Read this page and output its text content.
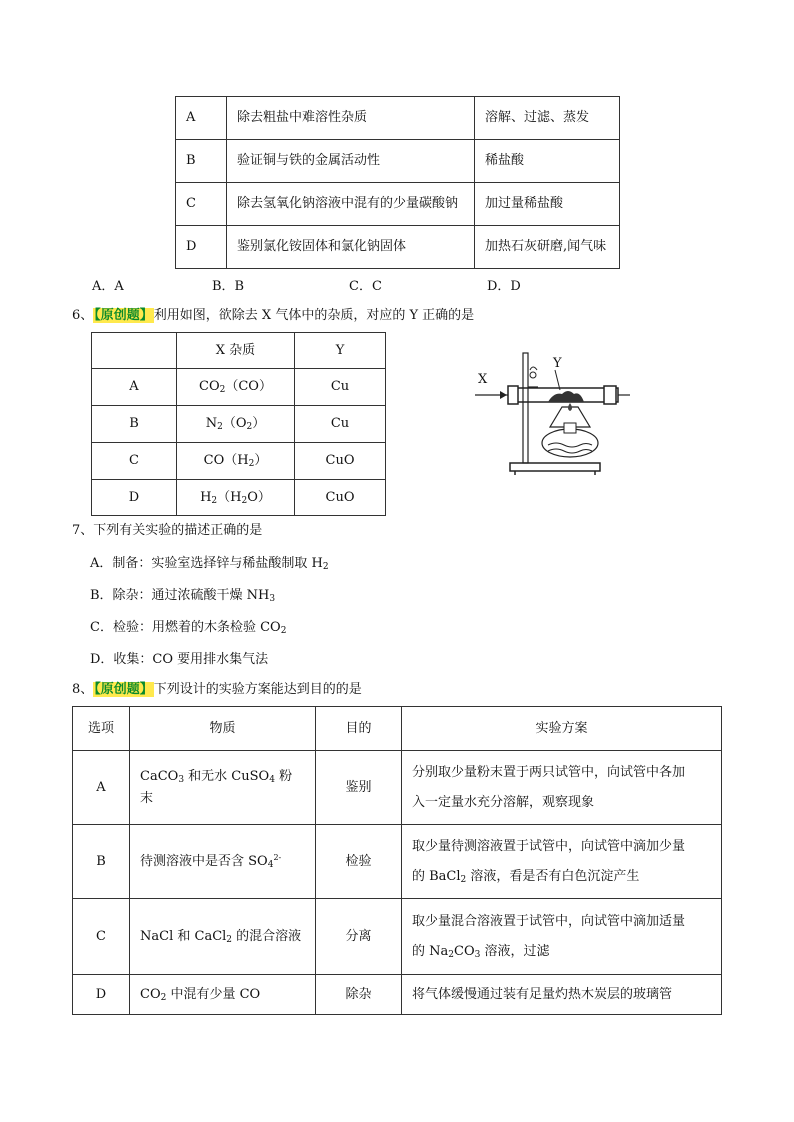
A	除去粗盐中难溶性杂质	溶解、过滤、蒸发
B	验证铜与铁的金属活动性	稀盐酸
C	除去氢氧化钠溶液中混有的少量碳酸钠	加过量稀盐酸
D	鉴别氯化铵固体和氯化钠固体	加热石灰研磨,闻气味
A．A	B．B	C．C	D．D
6、【原创题】利用如图，欲除去 X 气体中的杂质，对应的 Y 正确的是
	X 杂质	Y
A	$CO_2(CO)$	Cu
B	$N_2(O_2)$	Cu
C	$CO(H_2)$	CuO
D	$H_2(H_2O)$	CuO
X
Y
7、下列有关实验的描述正确的是
A．制备：实验室选择锌与稀盐酸制取 $H_2$
B．除杂：通过浓硫酸干燥 $NH_3$
C．检验：用燃着的木条检验 $CO_2$
D．收集：CO 要用排水集气法
8、【原创题】下列设计的实验方案能达到目的的是
选项	物质	目的	实验方案
A	CaCO$_3$ 和无水 CuSO$_4$ 粉末	鉴别	分别取少量粉末置于两只试管中，向试管中各加
入一定量水充分溶解，观察现象

B	待测溶液中是否含 $SO_4^{2-}$	检验	取少量待测溶液置于试管中，向试管中滴加少量
的 BaCl$_2$ 溶液，看是否有白色沉淀产生

C	NaCl 和 CaCl$_2$ 的混合溶液	分离	取少量混合溶液置于试管中，向试管中滴加适量
的 $Na_2CO_3$ 溶液，过滤

D	$CO_2$ 中混有少量 CO	除杂	将气体缓慢通过装有足量灼热木炭层的玻璃管
